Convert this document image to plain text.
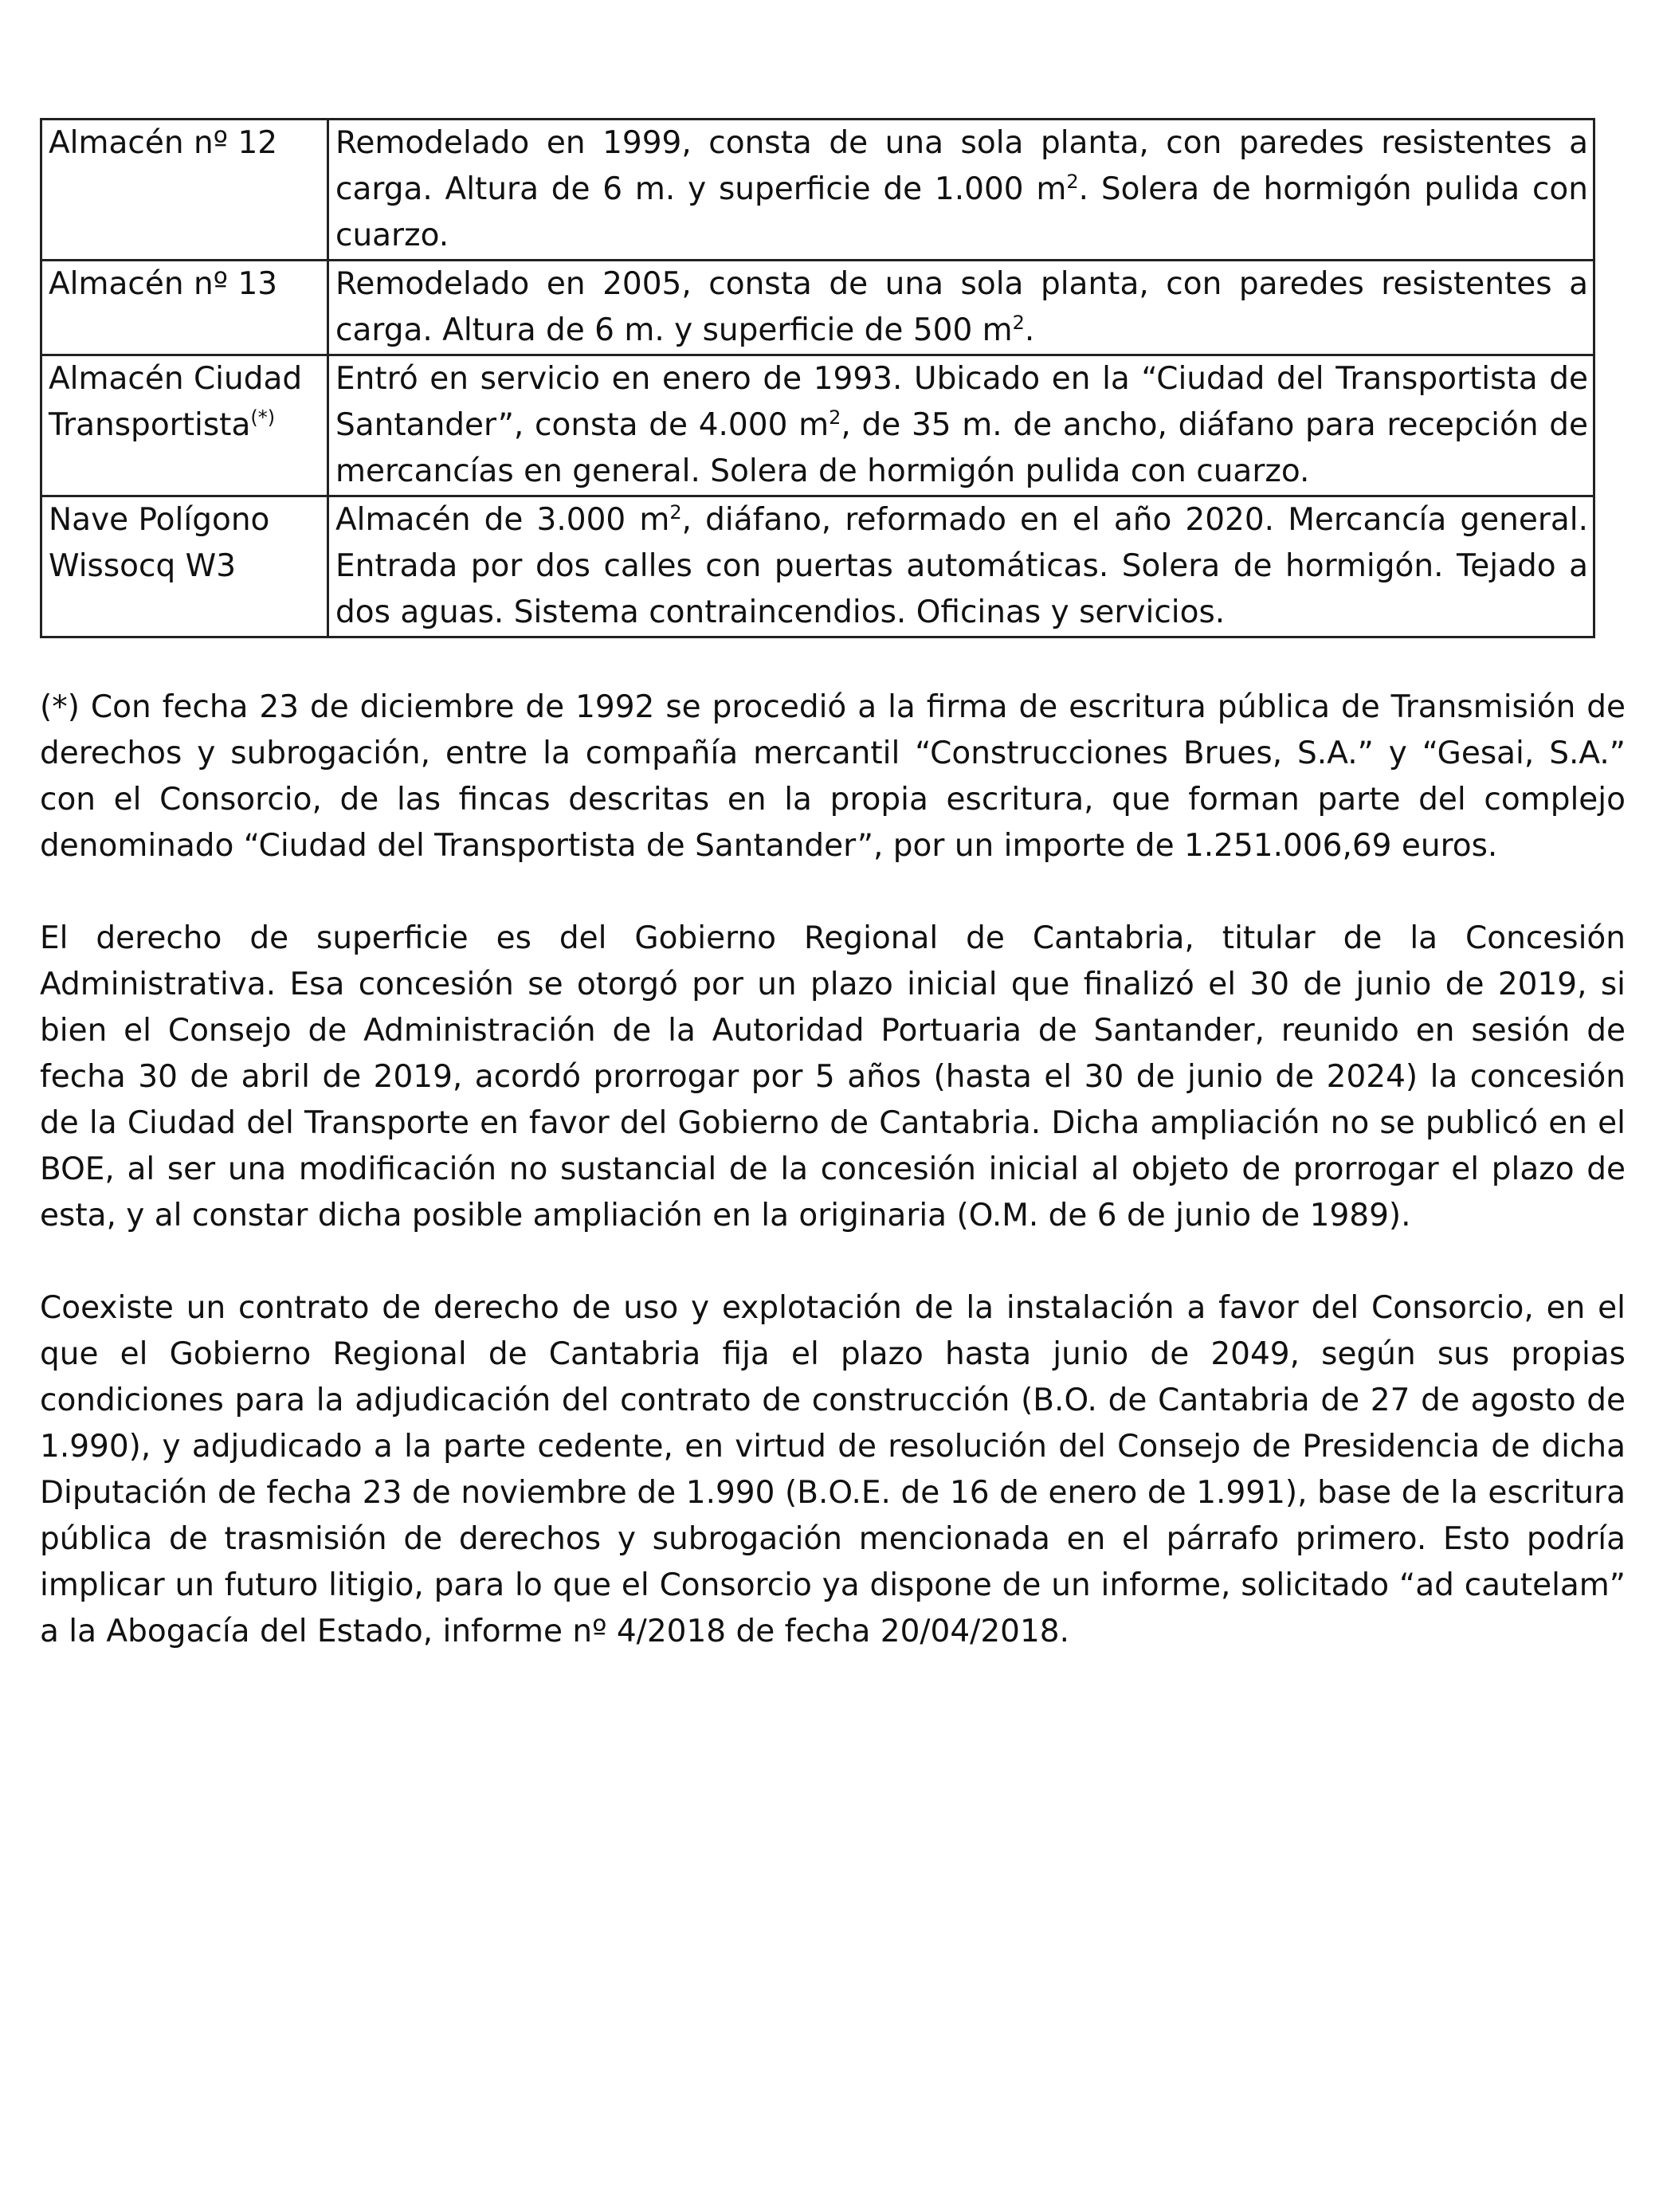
Almacén nº 12	Remodelado en 1999, consta de una sola planta, con paredes resistentes a carga. Altura de 6 m. y superficie de 1.000 $m^2$. Solera de hormigón pulida con cuarzo.
Almacén nº 13	Remodelado en 2005, consta de una sola planta, con paredes resistentes a carga. Altura de 6 m. y superficie de 500 $m^2$.
Almacén Ciudad Transportista(*)	Entró en servicio en enero de 1993. Ubicado en la “Ciudad del Transportista de Santander”, consta de 4.000 $m^2$, de 35 m. de ancho, diáfano para recepción de mercancías en general. Solera de hormigón pulida con cuarzo.
Nave Polígono Wissocq W3	Almacén de 3.000 $m^2$, diáfano, reformado en el año 2020. Mercancía general. Entrada por dos calles con puertas automáticas. Solera de hormigón. Tejado a dos aguas. Sistema contraincendios. Oficinas y servicios.

(*) Con fecha 23 de diciembre de 1992 se procedió a la firma de escritura pública de Transmisión de derechos y subrogación, entre la compañía mercantil “Construcciones Brues, S.A.” y “Gesai, S.A.” con el Consorcio, de las fincas descritas en la propia escritura, que forman parte del complejo denominado “Ciudad del Transportista de Santander”, por un importe de 1.251.006,69 euros.

El derecho de superficie es del Gobierno Regional de Cantabria, titular de la Concesión Administrativa. Esa concesión se otorgó por un plazo inicial que finalizó el 30 de junio de 2019, si bien el Consejo de Administración de la Autoridad Portuaria de Santander, reunido en sesión de fecha 30 de abril de 2019, acordó prorrogar por 5 años (hasta el 30 de junio de 2024) la concesión de la Ciudad del Transporte en favor del Gobierno de Cantabria. Dicha ampliación no se publicó en el BOE, al ser una modificación no sustancial de la concesión inicial al objeto de prorrogar el plazo de esta, y al constar dicha posible ampliación en la originaria (O.M. de 6 de junio de 1989).

Coexiste un contrato de derecho de uso y explotación de la instalación a favor del Consorcio, en el que el Gobierno Regional de Cantabria fija el plazo hasta junio de 2049, según sus propias condiciones para la adjudicación del contrato de construcción (B.O. de Cantabria de 27 de agosto de 1.990), y adjudicado a la parte cedente, en virtud de resolución del Consejo de Presidencia de dicha Diputación de fecha 23 de noviembre de 1.990 (B.O.E. de 16 de enero de 1.991), base de la escritura pública de trasmisión de derechos y subrogación mencionada en el párrafo primero. Esto podría implicar un futuro litigio, para lo que el Consorcio ya dispone de un informe, solicitado “ad cautelam” a la Abogacía del Estado, informe nº 4/2018 de fecha 20/04/2018.
